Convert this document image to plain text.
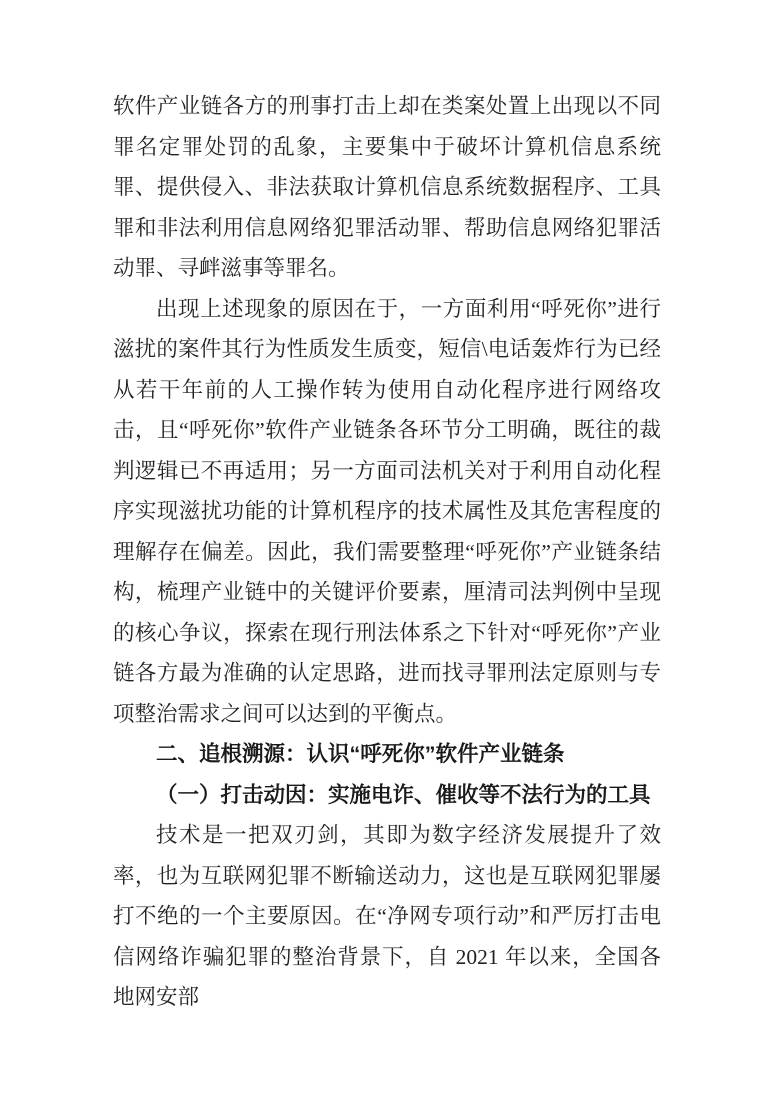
软件产业链各方的刑事打击上却在类案处置上出现以不同罪名定罪处罚的乱象，主要集中于破坏计算机信息系统罪、提供侵入、非法获取计算机信息系统数据程序、工具罪和非法利用信息网络犯罪活动罪、帮助信息网络犯罪活动罪、寻衅滋事等罪名。

出现上述现象的原因在于，一方面利用“呼死你”进行滋扰的案件其行为性质发生质变，短信\电话轰炸行为已经从若干年前的人工操作转为使用自动化程序进行网络攻击，且“呼死你”软件产业链条各环节分工明确，既往的裁判逻辑已不再适用；另一方面司法机关对于利用自动化程序实现滋扰功能的计算机程序的技术属性及其危害程度的理解存在偏差。因此，我们需要整理“呼死你”产业链条结构，梳理产业链中的关键评价要素，厘清司法判例中呈现的核心争议，探索在现行刑法体系之下针对“呼死你”产业链各方最为准确的认定思路，进而找寻罪刑法定原则与专项整治需求之间可以达到的平衡点。

二、追根溯源：认识“呼死你”软件产业链条
（一）打击动因：实施电诈、催收等不法行为的工具

技术是一把双刃剑，其即为数字经济发展提升了效率，也为互联网犯罪不断输送动力，这也是互联网犯罪屡打不绝的一个主要原因。在“净网专项行动”和严厉打击电信网络诈骗犯罪的整治背景下，自 2021 年以来，全国各地网安部
